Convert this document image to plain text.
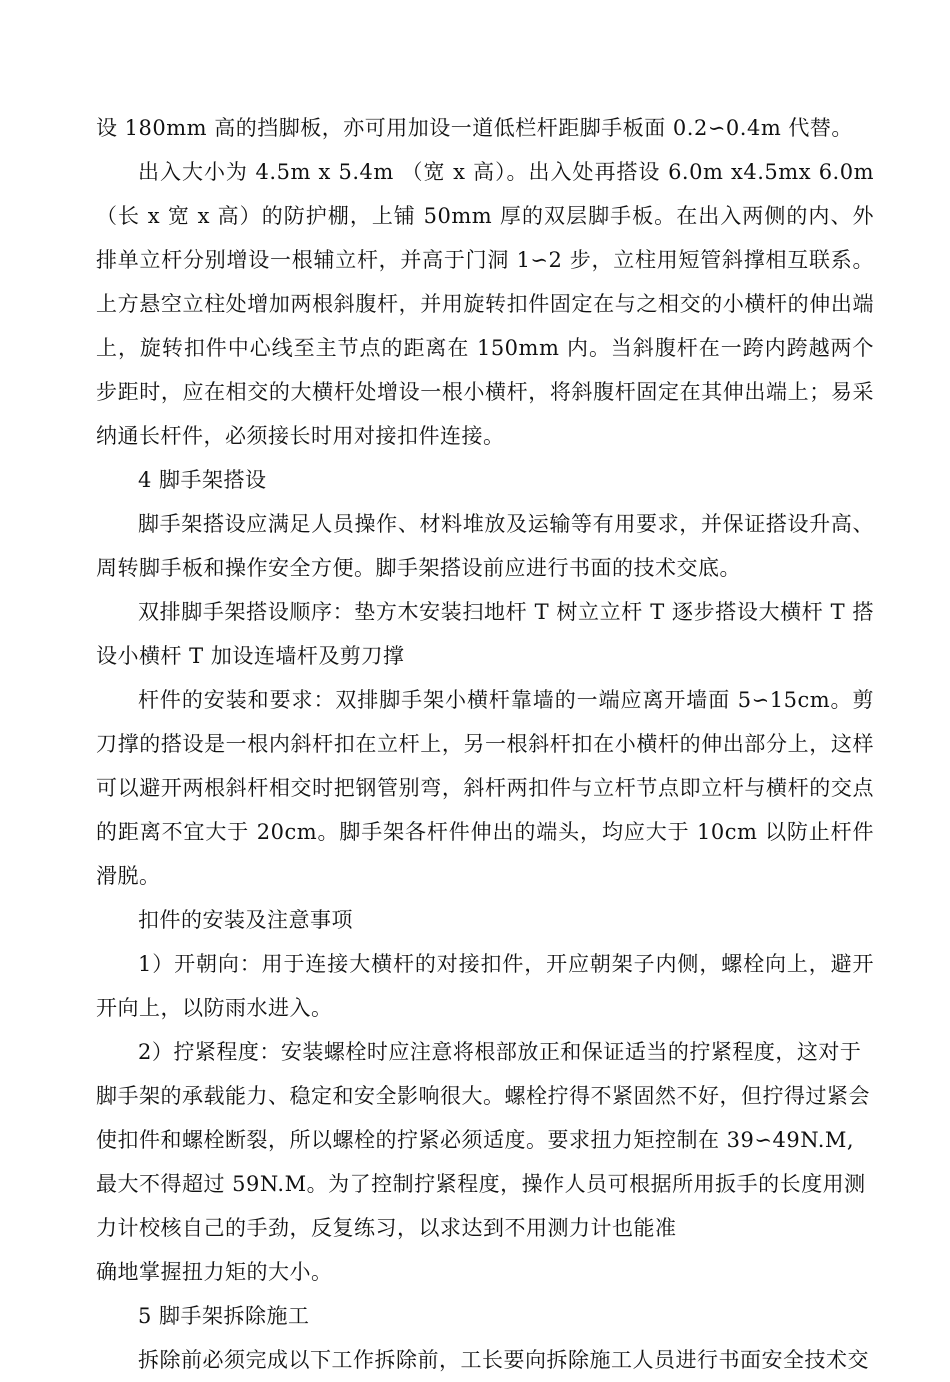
设 180mm 高的挡脚板，亦可用加设一道低栏杆距脚手板面 0.2∽0.4m 代替。

出入大小为 4.5m x 5.4m （宽 x 高）。出入处再搭设 6.0m x4.5mx 6.0m（长 x 宽 x 高）的防护棚，上铺 50mm 厚的双层脚手板。在出入两侧的内、外排单立杆分别增设一根辅立杆，并高于门洞 1∽2 步，立柱用短管斜撑相互联系。上方悬空立柱处增加两根斜腹杆，并用旋转扣件固定在与之相交的小横杆的伸出端上，旋转扣件中心线至主节点的距离在 150mm 内。当斜腹杆在一跨内跨越两个步距时，应在相交的大横杆处增设一根小横杆，将斜腹杆固定在其伸出端上；易采纳通长杆件，必须接长时用对接扣件连接。

4 脚手架搭设

脚手架搭设应满足人员操作、材料堆放及运输等有用要求，并保证搭设升高、周转脚手板和操作安全方便。脚手架搭设前应进行书面的技术交底。

双排脚手架搭设顺序：垫方木安装扫地杆 T 树立立杆 T 逐步搭设大横杆 T 搭设小横杆 T 加设连墙杆及剪刀撑

杆件的安装和要求：双排脚手架小横杆靠墙的一端应离开墙面 5∽15cm。剪刀撑的搭设是一根内斜杆扣在立杆上，另一根斜杆扣在小横杆的伸出部分上，这样可以避开两根斜杆相交时把钢管别弯，斜杆两扣件与立杆节点即立杆与横杆的交点的距离不宜大于 20cm。脚手架各杆件伸出的端头，均应大于 10cm 以防止杆件滑脱。

扣件的安装及注意事项

1）开朝向：用于连接大横杆的对接扣件，开应朝架子内侧，螺栓向上，避开开向上，以防雨水进入。

2）拧紧程度：安装螺栓时应注意将根部放正和保证适当的拧紧程度，这对于脚手架的承载能力、稳定和安全影响很大。螺栓拧得不紧固然不好，但拧得过紧会使扣件和螺栓断裂，所以螺栓的拧紧必须适度。要求扭力矩控制在 39∽49N.M,最大不得超过 59N.M。为了控制拧紧程度，操作人员可根据所用扳手的长度用测力计校核自己的手劲，反复练习，以求达到不用测力计也能准

确地掌握扭力矩的大小。

5 脚手架拆除施工

拆除前必须完成以下工作拆除前，工长要向拆除施工人员进行书面安全技术交
